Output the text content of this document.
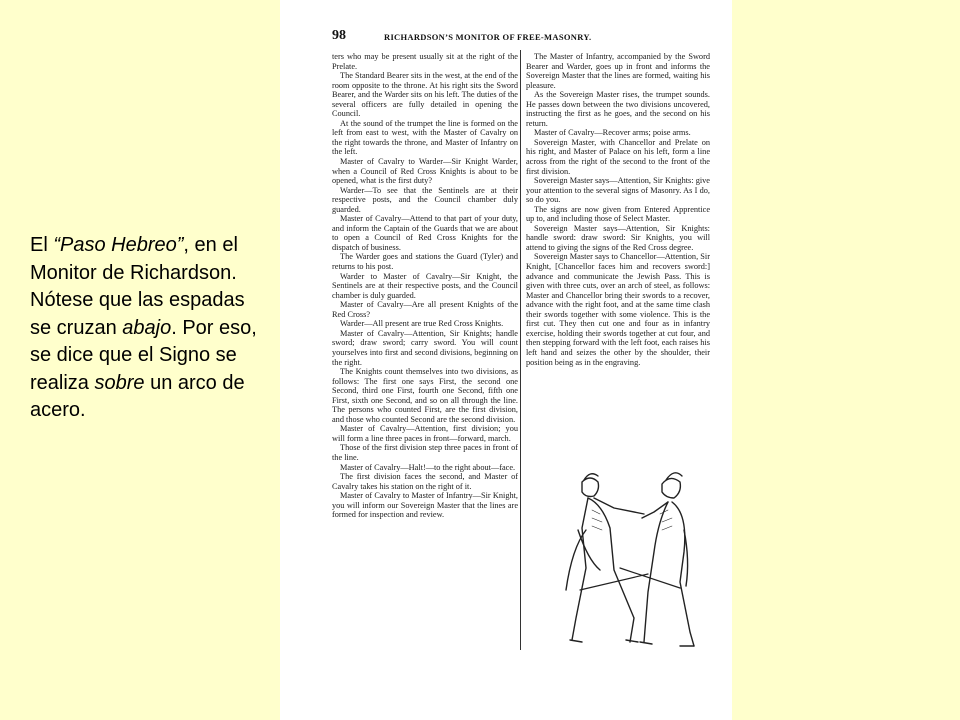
El “Paso Hebreo”, en el Monitor de Richardson. Nótese que las espadas se cruzan abajo. Por eso, se dice que el Signo se realiza sobre un arco de acero.
98	RICHARDSON’S MONITOR OF FREE-MASONRY.

ters who may be present usually sit at the right of the Prelate.

The Standard Bearer sits in the west, at the end of the room opposite to the throne. At his right sits the Sword Bearer, and the Warder sits on his left. The duties of the several officers are fully detailed in opening the Council.

At the sound of the trumpet the line is formed on the left from east to west, with the Master of Cavalry on the right towards the throne, and Master of Infantry on the left.

Master of Cavalry to Warder—Sir Knight Warder, when a Council of Red Cross Knights is about to be opened, what is the first duty?

Warder—To see that the Sentinels are at their respective posts, and the Council chamber duly guarded.

Master of Cavalry—Attend to that part of your duty, and inform the Captain of the Guards that we are about to open a Council of Red Cross Knights for the dispatch of business.

The Warder goes and stations the Guard (Tyler) and returns to his post.

Warder to Master of Cavalry—Sir Knight, the Sentinels are at their respective posts, and the Council chamber is duly guarded.

Master of Cavalry—Are all present Knights of the Red Cross?

Warder—All present are true Red Cross Knights.

Master of Cavalry—Attention, Sir Knights; handle sword; draw sword; carry sword. You will count yourselves into first and second divisions, beginning on the right.

The Knights count themselves into two divisions, as follows: The first one says First, the second one Second, third one First, fourth one Second, fifth one First, sixth one Second, and so on all through the line. The persons who counted First, are the first division, and those who counted Second are the second division.

Master of Cavalry—Attention, first division; you will form a line three paces in front—forward, march.

Those of the first division step three paces in front of the line.

Master of Cavalry—Halt!—to the right about—face.

The first division faces the second, and Master of Cavalry takes his station on the right of it.

Master of Cavalry to Master of Infantry—Sir Knight, you will inform our Sovereign Master that the lines are formed for inspection and review.

The Master of Infantry, accompanied by the Sword Bearer and Warder, goes up in front and informs the Sovereign Master that the lines are formed, waiting his pleasure.

As the Sovereign Master rises, the trumpet sounds. He passes down between the two divisions uncovered, instructing the first as he goes, and the second on his return.

Master of Cavalry—Recover arms; poise arms.

Sovereign Master, with Chancellor and Prelate on his right, and Master of Palace on his left, form a line across from the right of the second to the front of the first division.

Sovereign Master says—Attention, Sir Knights: give your attention to the several signs of Masonry. As I do, so do you.

The signs are now given from Entered Apprentice up to, and including those of Select Master.

Sovereign Master says—Attention, Sir Knights: handle sword: draw sword: Sir Knights, you will attend to giving the signs of the Red Cross degree.

Sovereign Master says to Chancellor—Attention, Sir Knight, [Chancellor faces him and recovers sword:] advance and communicate the Jewish Pass. This is given with three cuts, over an arch of steel, as follows: Master and Chancellor bring their swords to a recover, advance with the right foot, and at the same time clash their swords together with some violence. This is the first cut. They then cut one and four as in infantry exercise, holding their swords together at cut four, and then stepping forward with the left foot, each raises his left hand and seizes the other by the shoulder, their position being as in the engraving.
